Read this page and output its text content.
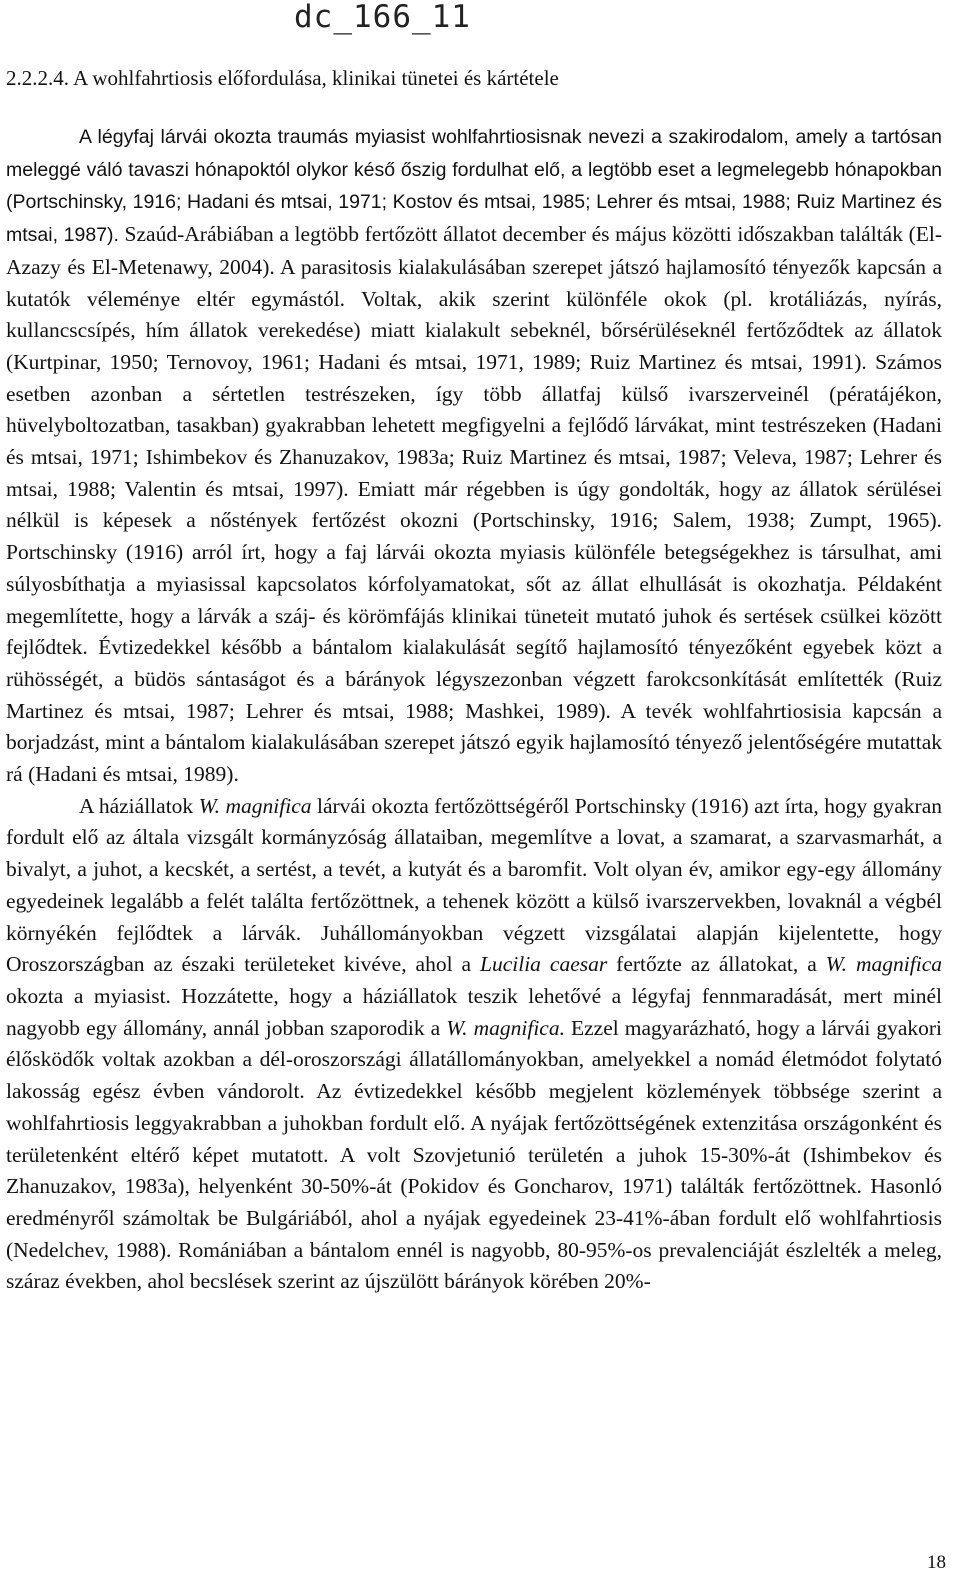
dc_166_11
2.2.2.4. A wohlfahrtiosis előfordulása, klinikai tünetei és kártétele

A légyfaj lárvái okozta traumás myiasist wohlfahrtiosisnak nevezi a szakirodalom, amely a tartósan meleggé váló tavaszi hónapoktól olykor késő őszig fordulhat elő, a legtöbb eset a legmelegebb hónapokban (Portschinsky, 1916; Hadani és mtsai, 1971; Kostov és mtsai, 1985; Lehrer és mtsai, 1988; Ruiz Martinez és mtsai, 1987). Szaúd-Arábiában a legtöbb fertőzött állatot december és május közötti időszakban találták (El-Azazy és El-Metenawy, 2004). A parasitosis kialakulásában szerepet játszó hajlamosító tényezők kapcsán a kutatók véleménye eltér egymástól. Voltak, akik szerint különféle okok (pl. krotáliázás, nyírás, kullancscsípés, hím állatok verekedése) miatt kialakult sebeknél, bőrsérüléseknél fertőződtek az állatok (Kurtpinar, 1950; Ternovoy, 1961; Hadani és mtsai, 1971, 1989; Ruiz Martinez és mtsai, 1991). Számos esetben azonban a sértetlen testrészeken, így több állatfaj külső ivarszerveinél (pératájékon, hüvelyboltozatban, tasakban) gyakrabban lehetett megfigyelni a fejlődő lárvákat, mint testrészeken (Hadani és mtsai, 1971; Ishimbekov és Zhanuzakov, 1983a; Ruiz Martinez és mtsai, 1987; Veleva, 1987; Lehrer és mtsai, 1988; Valentin és mtsai, 1997). Emiatt már régebben is úgy gondolták, hogy az állatok sérülései nélkül is képesek a nőstények fertőzést okozni (Portschinsky, 1916; Salem, 1938; Zumpt, 1965). Portschinsky (1916) arról írt, hogy a faj lárvái okozta myiasis különféle betegségekhez is társulhat, ami súlyosbíthatja a myiasissal kapcsolatos kórfolyamatokat, sőt az állat elhullását is okozhatja. Példaként megemlítette, hogy a lárvák a száj- és körömfájás klinikai tüneteit mutató juhok és sertések csülkei között fejlődtek. Évtizedekkel később a bántalom kialakulását segítő hajlamosító tényezőként egyebek közt a rühösségét, a büdös sántaságot és a bárányok légyszezonban végzett farokcsonkítását említették (Ruiz Martinez és mtsai, 1987; Lehrer és mtsai, 1988; Mashkei, 1989). A tevék wohlfahrtiosisia kapcsán a borjadzást, mint a bántalom kialakulásában szerepet játszó egyik hajlamosító tényező jelentőségére mutattak rá (Hadani és mtsai, 1989).

A háziállatok W. magnifica lárvái okozta fertőzöttségéről Portschinsky (1916) azt írta, hogy gyakran fordult elő az általa vizsgált kormányzóság állataiban, megemlítve a lovat, a szamarat, a szarvasmarhát, a bivalyt, a juhot, a kecskét, a sertést, a tevét, a kutyát és a baromfit. Volt olyan év, amikor egy-egy állomány egyedeinek legalább a felét találta fertőzöttnek, a tehenek között a külső ivarszervekben, lovaknál a végbél környékén fejlődtek a lárvák. Juhállományokban végzett vizsgálatai alapján kijelentette, hogy Oroszországban az északi területeket kivéve, ahol a Lucilia caesar fertőzte az állatokat, a W. magnifica okozta a myiasist. Hozzátette, hogy a háziállatok teszik lehetővé a légyfaj fennmaradását, mert minél nagyobb egy állomány, annál jobban szaporodik a W. magnifica. Ezzel magyarázható, hogy a lárvái gyakori élősködők voltak azokban a dél-oroszországi állatállományokban, amelyekkel a nomád életmódot folytató lakosság egész évben vándorolt. Az évtizedekkel később megjelent közlemények többsége szerint a wohlfahrtiosis leggyakrabban a juhokban fordult elő. A nyájak fertőzöttségének extenzitása országonként és területenként eltérő képet mutatott. A volt Szovjetunió területén a juhok 15-30%-át (Ishimbekov és Zhanuzakov, 1983a), helyenként 30-50%-át (Pokidov és Goncharov, 1971) találták fertőzöttnek. Hasonló eredményről számoltak be Bulgáriából, ahol a nyájak egyedeinek 23-41%-ában fordult elő wohlfahrtiosis (Nedelchev, 1988). Romániában a bántalom ennél is nagyobb, 80-95%-os prevalenciáját észlelték a meleg, száraz években, ahol becslések szerint az újszülött bárányok körében 20%-

18
